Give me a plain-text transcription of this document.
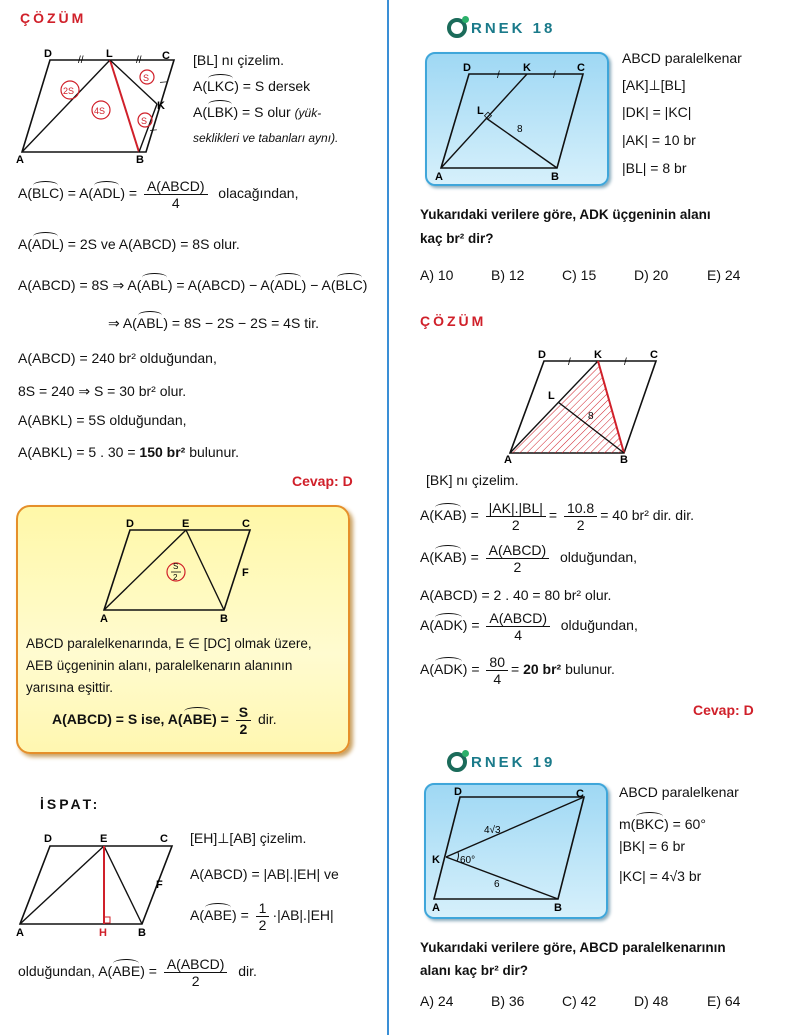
ÇÖZÜM
//	//
/
/
D	L	C
K
A	B
2S
4S
S
S
[BL] nı çizelim.
A(LKC) = S dersek
A(LBK) = S olur (yük-
seklikleri ve tabanları aynı).
$A(BLC) = A(ADL) = \frac{\text{A(ABCD)}}{4}$ olacağından,
A(ADL) = 2S ve A(ABCD) = 8S olur.
A(ABCD) = 8S ⇒ A(ABL) = A(ABCD) − A(ADL) − A(BLC)
⇒ A(ABL) = 8S − 2S − 2S = 4S tir.
A(ABCD) = 240 br² olduğundan,
8S = 240 ⇒ S = 30 br² olur.
A(ABKL) = 5S olduğundan,
A(ABKL) = 5 . 30 = 150 br² bulunur.
Cevap: D
S
2
D	E	C
F
A	B
ABCD paralelkenarında, E ∈ [DC] olmak üzere,
AEB üçgeninin alanı, paralelkenarın alanının
yarısına eşittir.
A(ABCD) = S ise, $A(ABE) = \frac{S}{2}$ dir.
İSPAT:
D	E	C
F
A	H	B
[EH]⊥[AB] çizelim.
A(ABCD) = |AB|.|EH| ve
$A(ABE) = \frac{1}{2} \cdot|AB|.|EH|$
olduğundan, $A(ABE) = \frac{\text{A(ABCD)}}{2}$ dir.
RNEK 18
/	/
D	K	C
L
A	B
8
ABCD paralelkenar
[AK]⊥[BL]
|DK| = |KC|
|AK| = 10 br
|BL| = 8 br
Yukarıdaki verilere göre, ADK üçgeninin alanı
kaç br² dir?
A) 10	B) 12	C) 15	D) 20	E) 24
ÇÖZÜM
/	/
D	K	C
L
A	B
8
[BK] nı çizelim.
$A(KAB) = \frac{|AK|.|BL|}{2} = \frac{10.8}{2} = 40$ br² dir. dir.
$A(KAB) = \frac{\text{A(ABCD)}}{2}$ olduğundan,
A(ABCD) = 2 . 40 = 80 br² olur.
$A(ADK) = \frac{\text{A(ABCD)}}{4}$ olduğundan,
$A(ADK) = \frac{80}{4} = 20$ br² bulunur.
Cevap: D
RNEK 19
D	C
K
A	B
60°
4√3
6
ABCD paralelkenar
m(BKC) = 60°
|BK| = 6 br
|KC| = 4√3 br
Yukarıdaki verilere göre, ABCD paralelkenarının
alanı kaç br² dir?
A) 24	B) 36	C) 42	D) 48	E) 64
